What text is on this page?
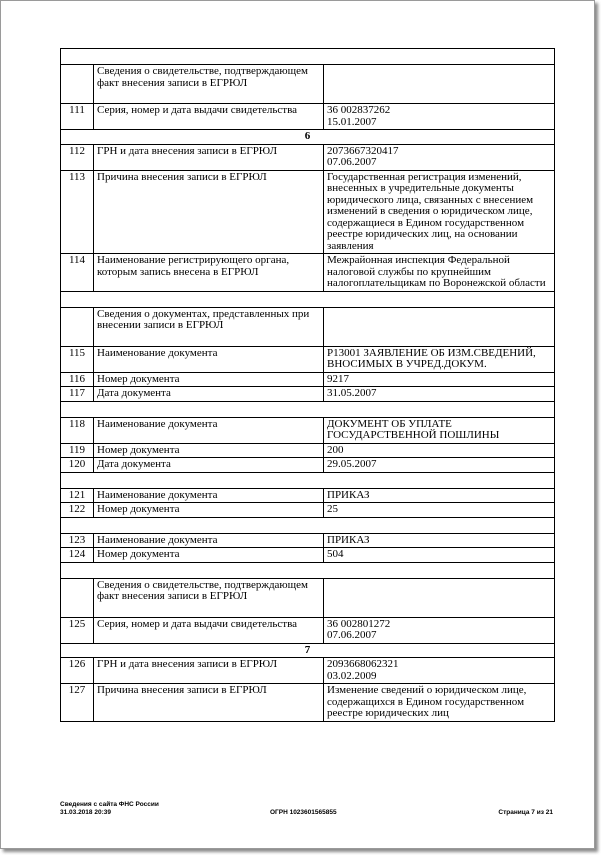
	Сведения о свидетельстве, подтверждающем факт внесения записи в ЕГРЮЛ	
111	Серия, номер и дата выдачи свидетельства	36 002837262
15.01.2007
6		
112	ГРН и дата внесения записи в ЕГРЮЛ	2073667320417
07.06.2007
113	Причина внесения записи в ЕГРЮЛ	Государственная регистрация изменений, внесенных в учредительные документы юридического лица, связанных с внесением изменений в сведения о юридическом лице, содержащиеся в Едином государственном реестре юридических лиц, на основании заявления
114	Наименование регистрирующего органа, которым запись внесена в ЕГРЮЛ	Межрайонная инспекция Федеральной налоговой службы по крупнейшим налогоплательщикам по Воронежской области

	Сведения о документах, представленных при внесении записи в ЕГРЮЛ	
115	Наименование документа	Р13001 ЗАЯВЛЕНИЕ ОБ ИЗМ.СВЕДЕНИЙ, ВНОСИМЫХ В УЧРЕД.ДОКУМ.
116	Номер документа	9217
117	Дата документа	31.05.2007

118	Наименование документа	ДОКУМЕНТ ОБ УПЛАТЕ ГОСУДАРСТВЕННОЙ ПОШЛИНЫ
119	Номер документа	200
120	Дата документа	29.05.2007

121	Наименование документа	ПРИКАЗ
122	Номер документа	25

123	Наименование документа	ПРИКАЗ
124	Номер документа	504

	Сведения о свидетельстве, подтверждающем факт внесения записи в ЕГРЮЛ	
125	Серия, номер и дата выдачи свидетельства	36 002801272
07.06.2007
7		
126	ГРН и дата внесения записи в ЕГРЮЛ	2093668062321
03.02.2009
127	Причина внесения записи в ЕГРЮЛ	Изменение сведений о юридическом лице, содержащихся в Едином государственном реестре юридических лиц
Сведения с сайта ФНС России
31.03.2018 20:39	ОГРН 1023601565855	Страница 7 из 21
